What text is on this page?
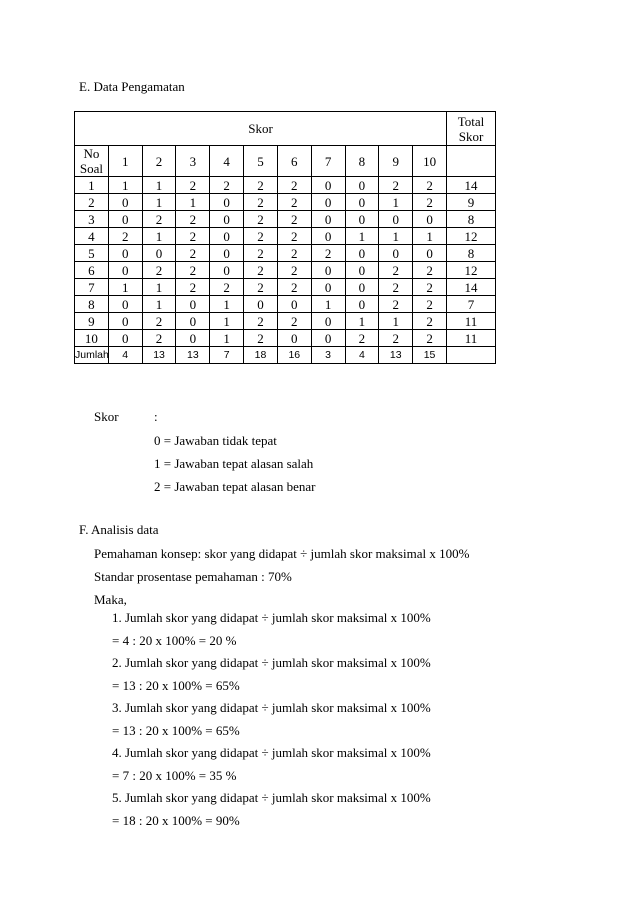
E. Data Pengamatan
Skor											Total Skor
No Soal	1	2	3	4	5	6	7	8	9	10	
1	1	1	2	2	2	2	0	0	2	2	14
2	0	1	1	0	2	2	0	0	1	2	9
3	0	2	2	0	2	2	0	0	0	0	8
4	2	1	2	0	2	2	0	1	1	1	12
5	0	0	2	0	2	2	2	0	0	0	8
6	0	2	2	0	2	2	0	0	2	2	12
7	1	1	2	2	2	2	0	0	2	2	14
8	0	1	0	1	0	0	1	0	2	2	7
9	0	2	0	1	2	2	0	1	1	2	11
10	0	2	0	1	2	0	0	2	2	2	11
Jumlah	4	13	13	7	18	16	3	4	13	15	
Skor	:
0 = Jawaban tidak tepat
1 = Jawaban tepat alasan salah
2 = Jawaban tepat alasan benar
F. Analisis data
Pemahaman konsep: skor yang didapat ÷ jumlah skor maksimal x 100%
Standar prosentase pemahaman : 70%
Maka,
1. Jumlah skor yang didapat ÷ jumlah skor maksimal x 100%
= 4 : 20 x 100% = 20 %
2. Jumlah skor yang didapat ÷ jumlah skor maksimal x 100%
= 13 : 20 x 100% = 65%
3. Jumlah skor yang didapat ÷ jumlah skor maksimal x 100%
= 13 : 20 x 100% = 65%
4. Jumlah skor yang didapat ÷ jumlah skor maksimal x 100%
= 7 : 20 x 100% = 35 %
5. Jumlah skor yang didapat ÷ jumlah skor maksimal x 100%
= 18 : 20 x 100% = 90%
